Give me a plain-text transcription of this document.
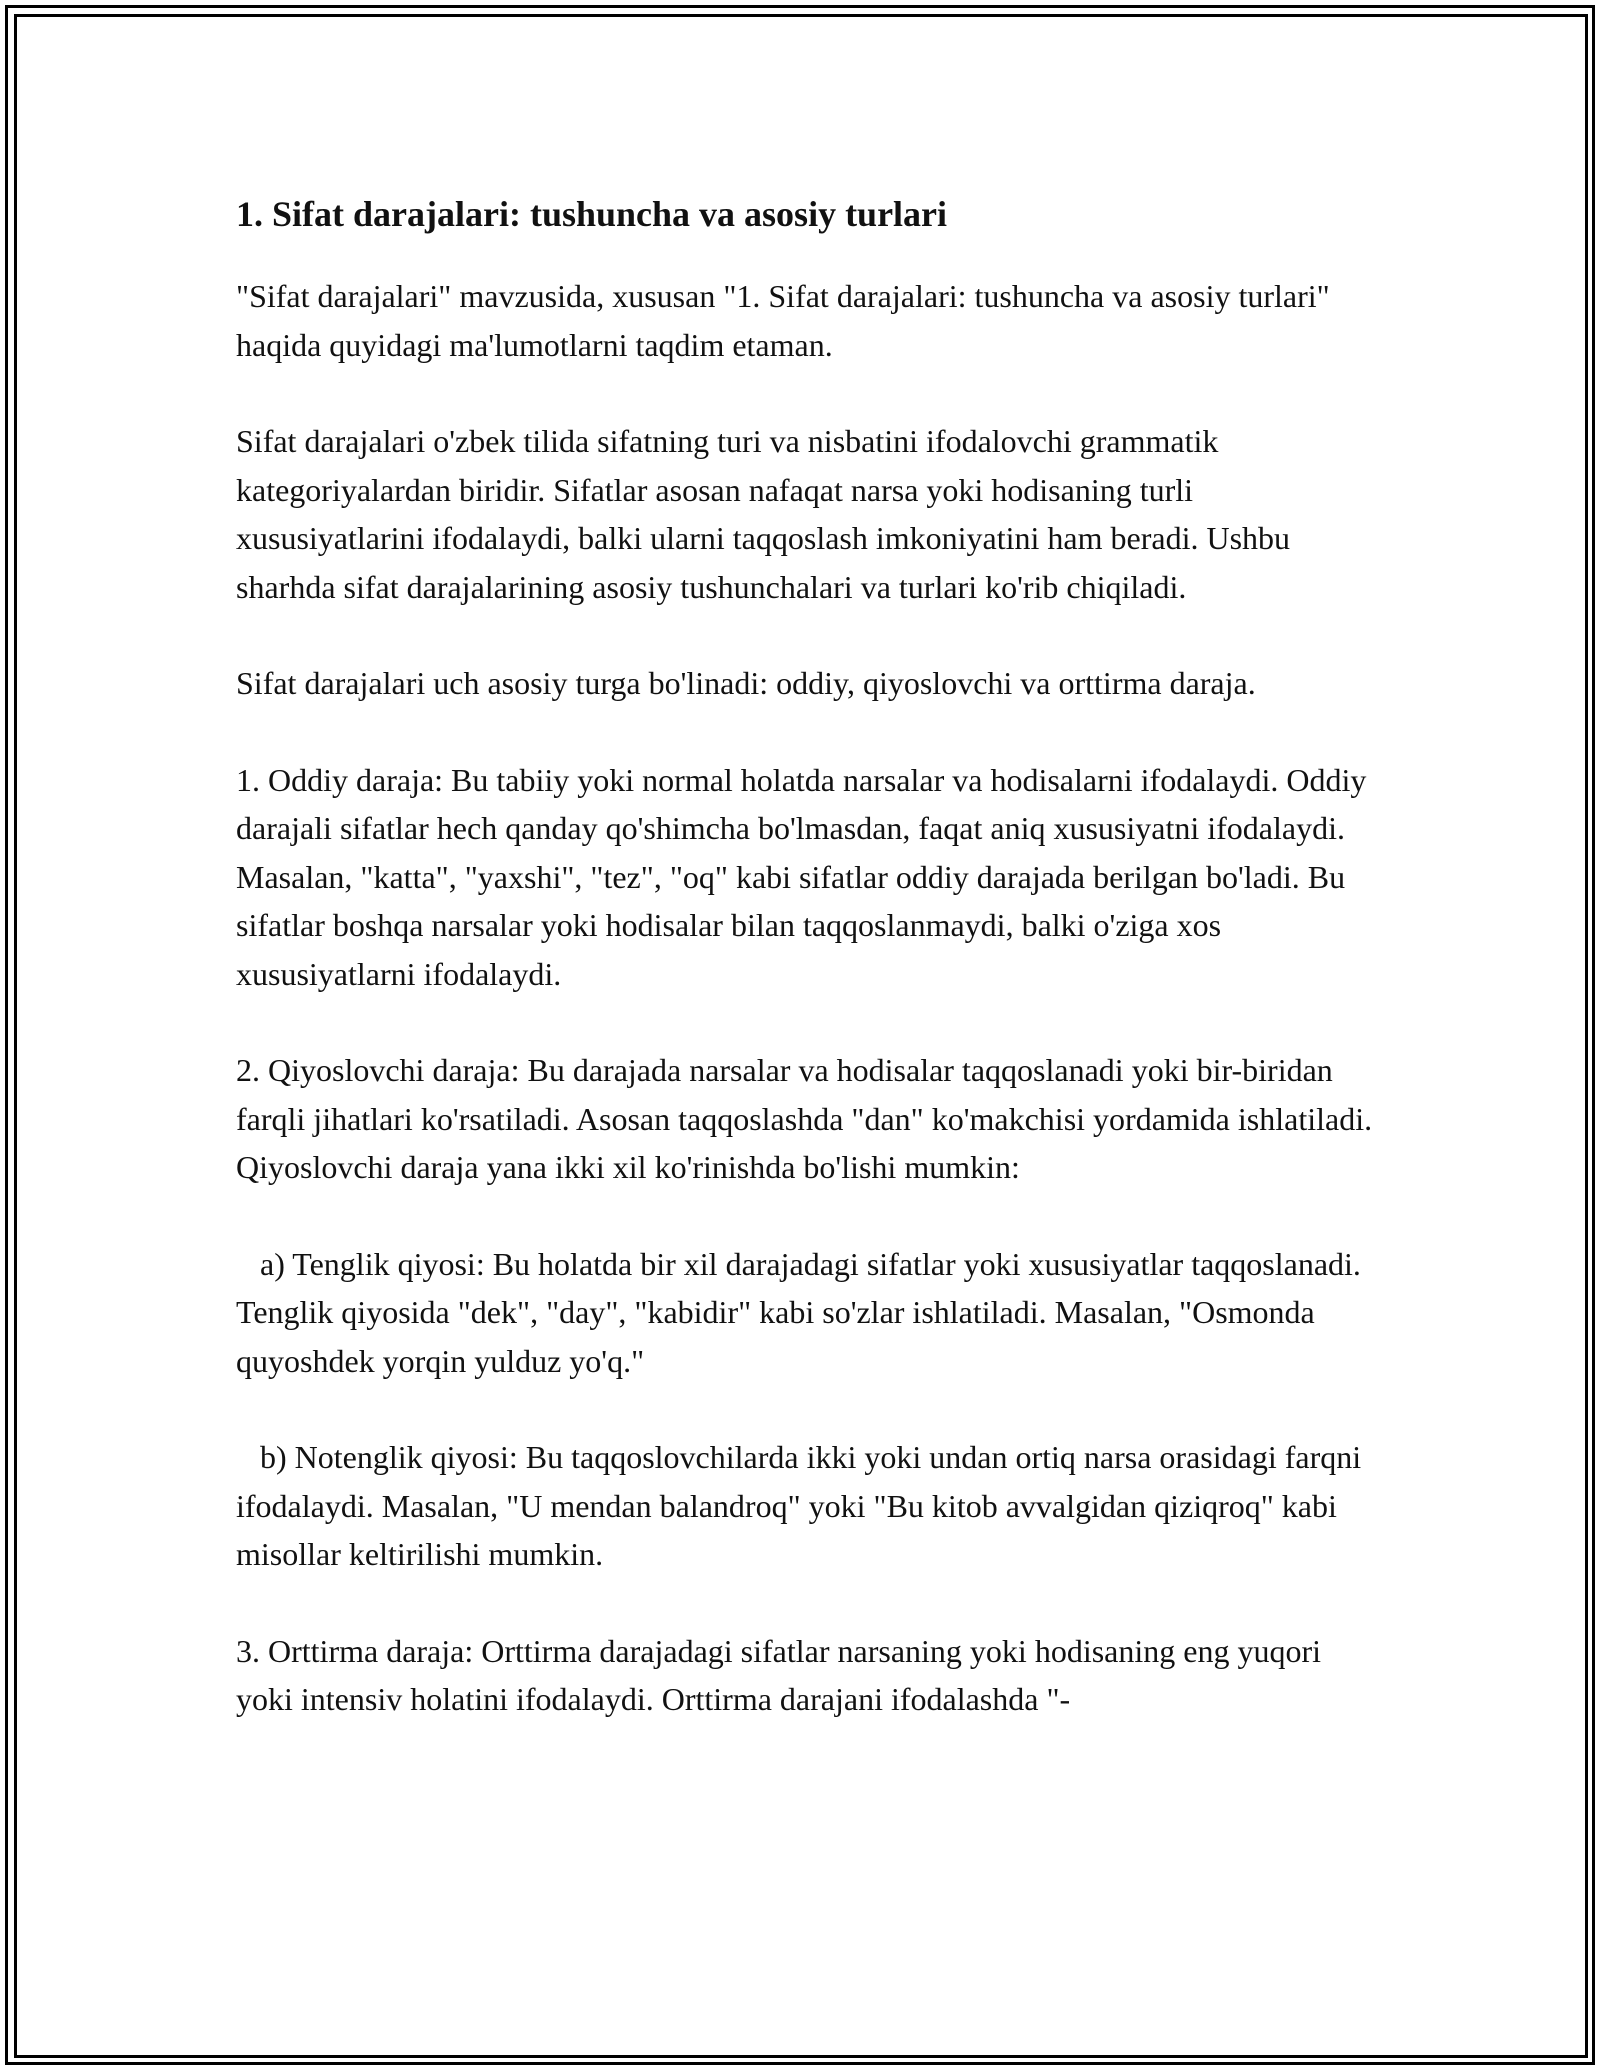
1. Sifat darajalari: tushuncha va asosiy turlari

"Sifat darajalari" mavzusida, xususan "1. Sifat darajalari: tushuncha va asosiy turlari" haqida quyidagi ma'lumotlarni taqdim etaman.

Sifat darajalari o'zbek tilida sifatning turi va nisbatini ifodalovchi grammatik kategoriyalardan biridir. Sifatlar asosan nafaqat narsa yoki hodisaning turli xususiyatlarini ifodalaydi, balki ularni taqqoslash imkoniyatini ham beradi. Ushbu sharhda sifat darajalarining asosiy tushunchalari va turlari ko'rib chiqiladi.

Sifat darajalari uch asosiy turga bo'linadi: oddiy, qiyoslovchi va orttirma daraja.

1. Oddiy daraja: Bu tabiiy yoki normal holatda narsalar va hodisalarni ifodalaydi. Oddiy darajali sifatlar hech qanday qo'shimcha bo'lmasdan, faqat aniq xususiyatni ifodalaydi. Masalan, "katta", "yaxshi", "tez", "oq" kabi sifatlar oddiy darajada berilgan bo'ladi. Bu sifatlar boshqa narsalar yoki hodisalar bilan taqqoslanmaydi, balki o'ziga xos xususiyatlarni ifodalaydi.

2. Qiyoslovchi daraja: Bu darajada narsalar va hodisalar taqqoslanadi yoki bir-biridan farqli jihatlari ko'rsatiladi. Asosan taqqoslashda "dan" ko'makchisi yordamida ishlatiladi. Qiyoslovchi daraja yana ikki xil ko'rinishda bo'lishi mumkin:

a) Tenglik qiyosi: Bu holatda bir xil darajadagi sifatlar yoki xususiyatlar taqqoslanadi. Tenglik qiyosida "dek", "day", "kabidir" kabi so'zlar ishlatiladi. Masalan, "Osmonda quyoshdek yorqin yulduz yo'q."

b) Notenglik qiyosi: Bu taqqoslovchilarda ikki yoki undan ortiq narsa orasidagi farqni ifodalaydi. Masalan, "U mendan balandroq" yoki "Bu kitob avvalgidan qiziqroq" kabi misollar keltirilishi mumkin.

3. Orttirma daraja: Orttirma darajadagi sifatlar narsaning yoki hodisaning eng yuqori yoki intensiv holatini ifodalaydi. Orttirma darajani ifodalashda "-
